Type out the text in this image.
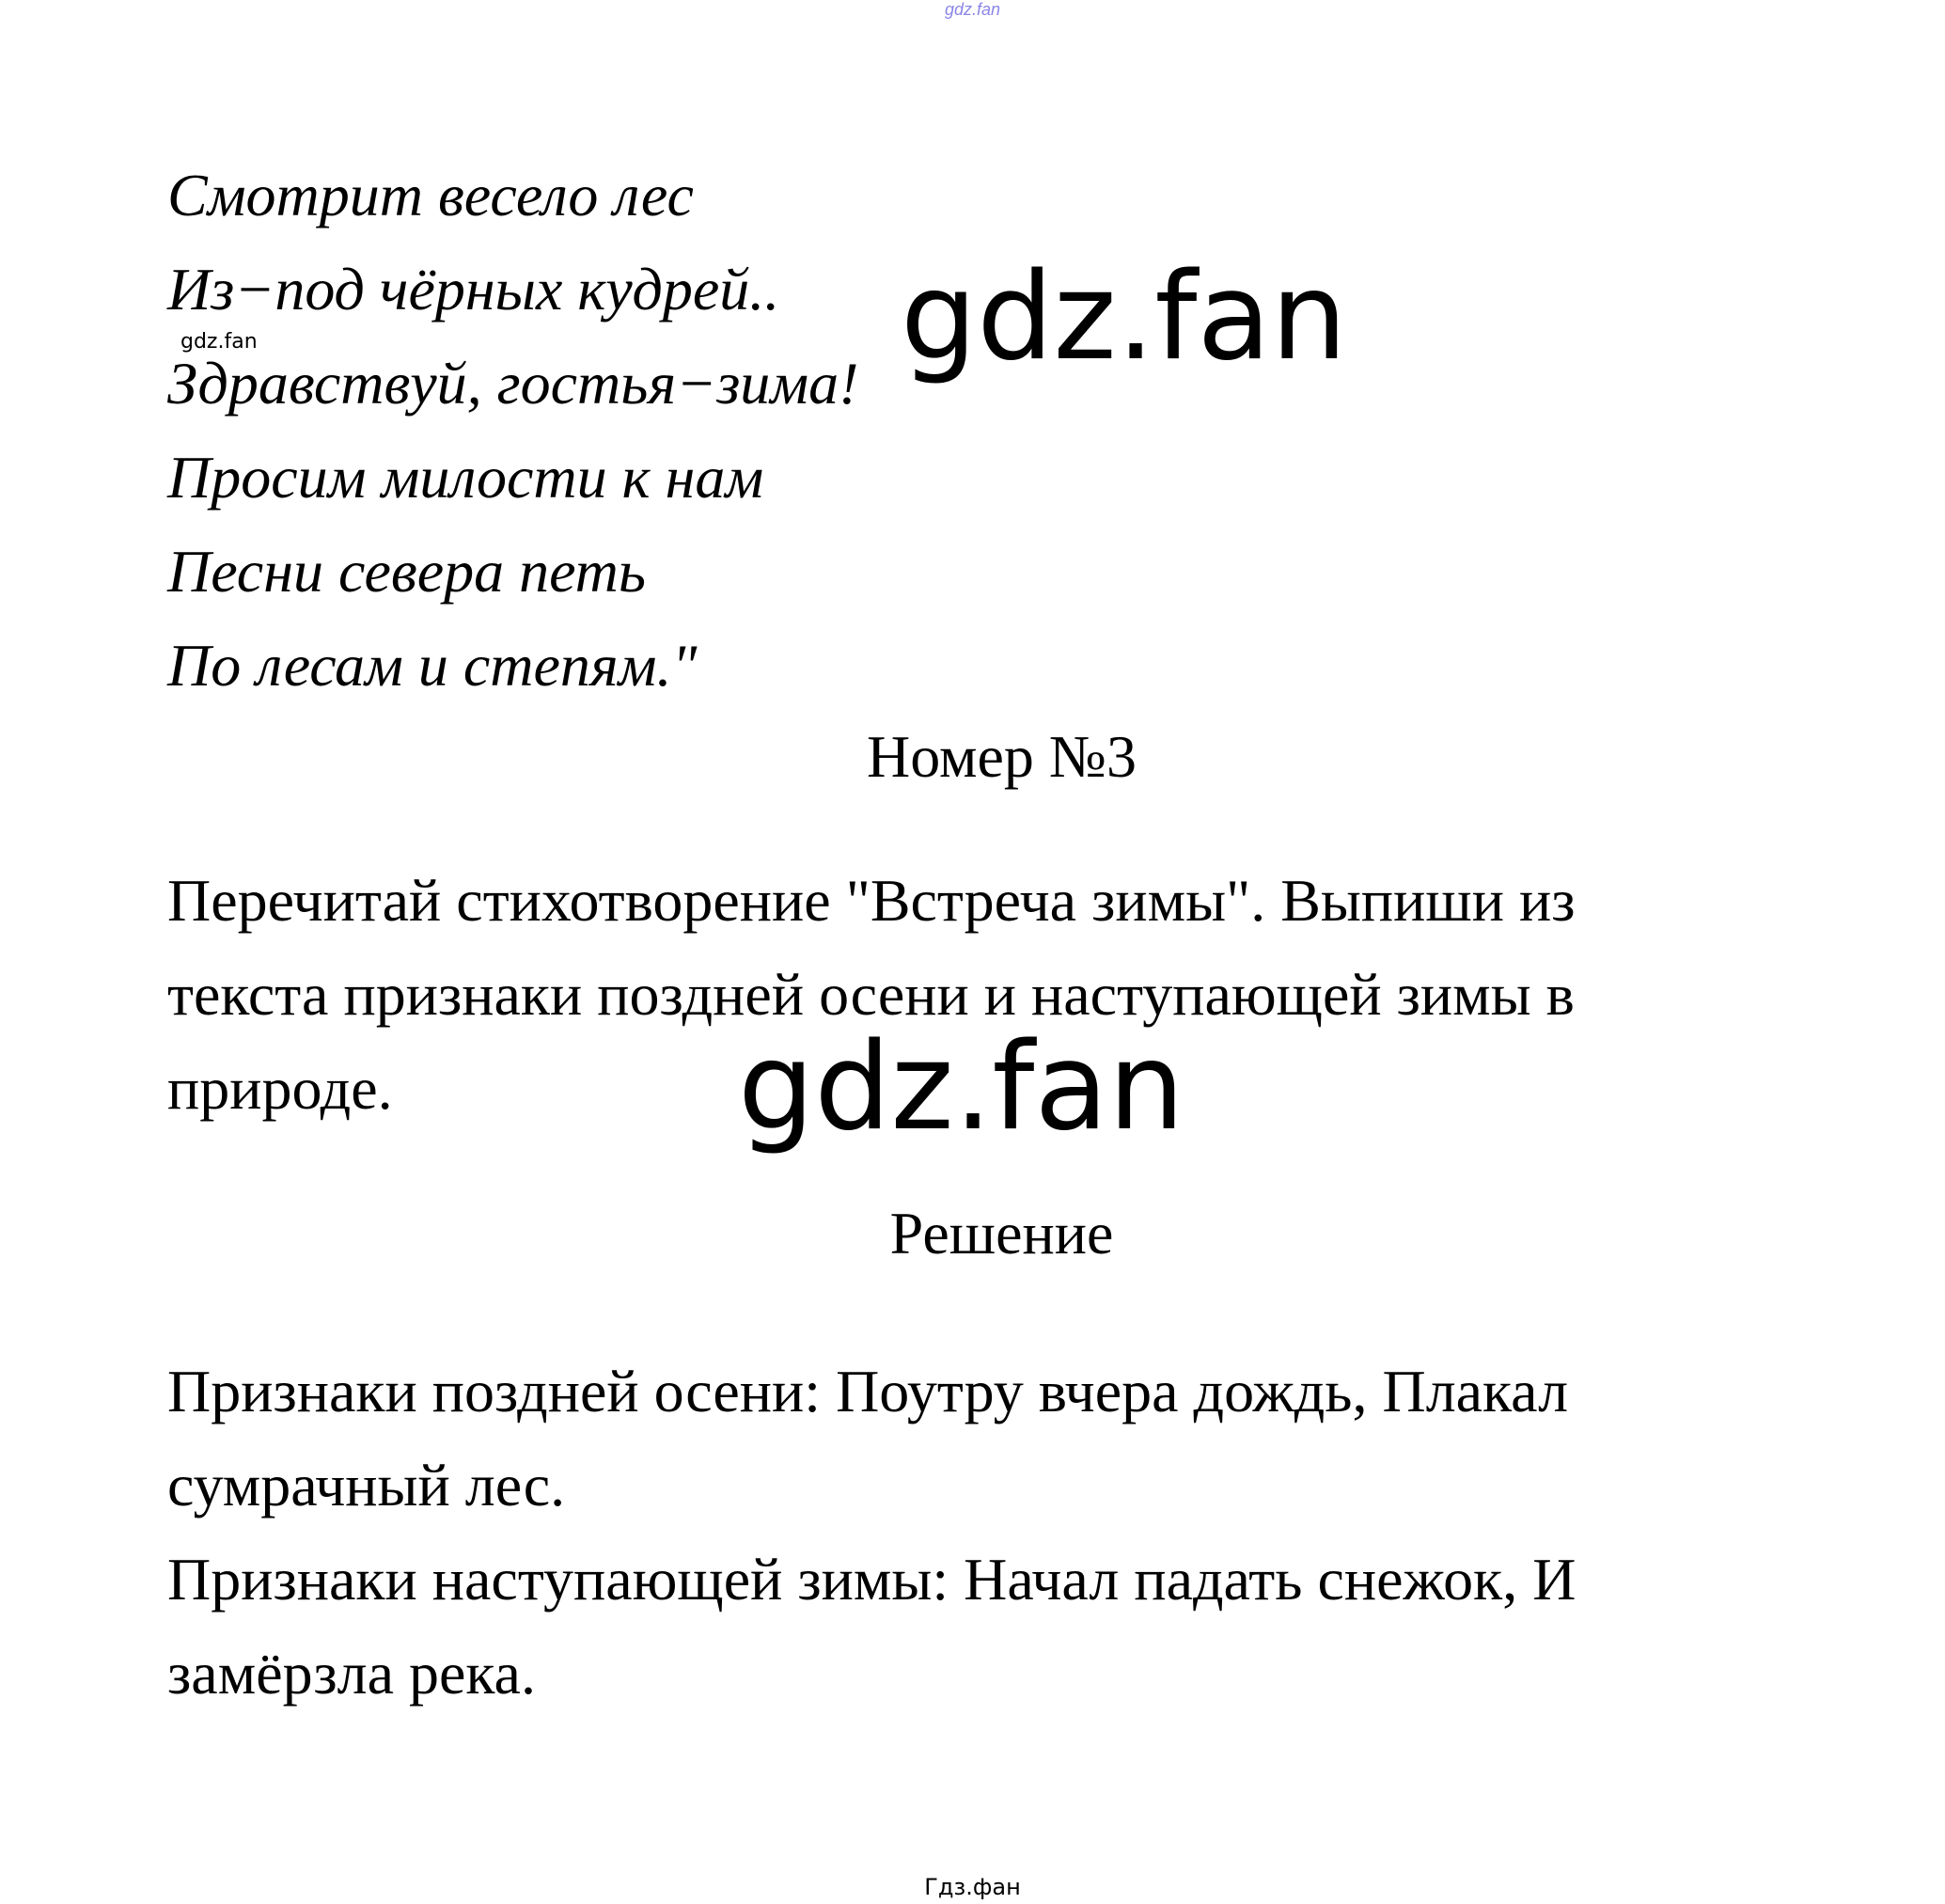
gdz.fan
Смотрит весело лес
Из−под чёрных кудрей..
Здравствуй, гостья−зима!
Просим милости к нам
Песни севера петь
По лесам и степям."
gdz.fan	gdz.fan
Номер №3
Перечитай стихотворение "Встреча зимы". Выпиши из текста признаки поздней осени и наступающей зимы в природе.	gdz.fan
Решение
Признаки поздней осени: Поутру вчера дождь, Плакал сумрачный лес.
Признаки наступающей зимы: Начал падать снежок, И замёрзла река.
Гдз.фан
